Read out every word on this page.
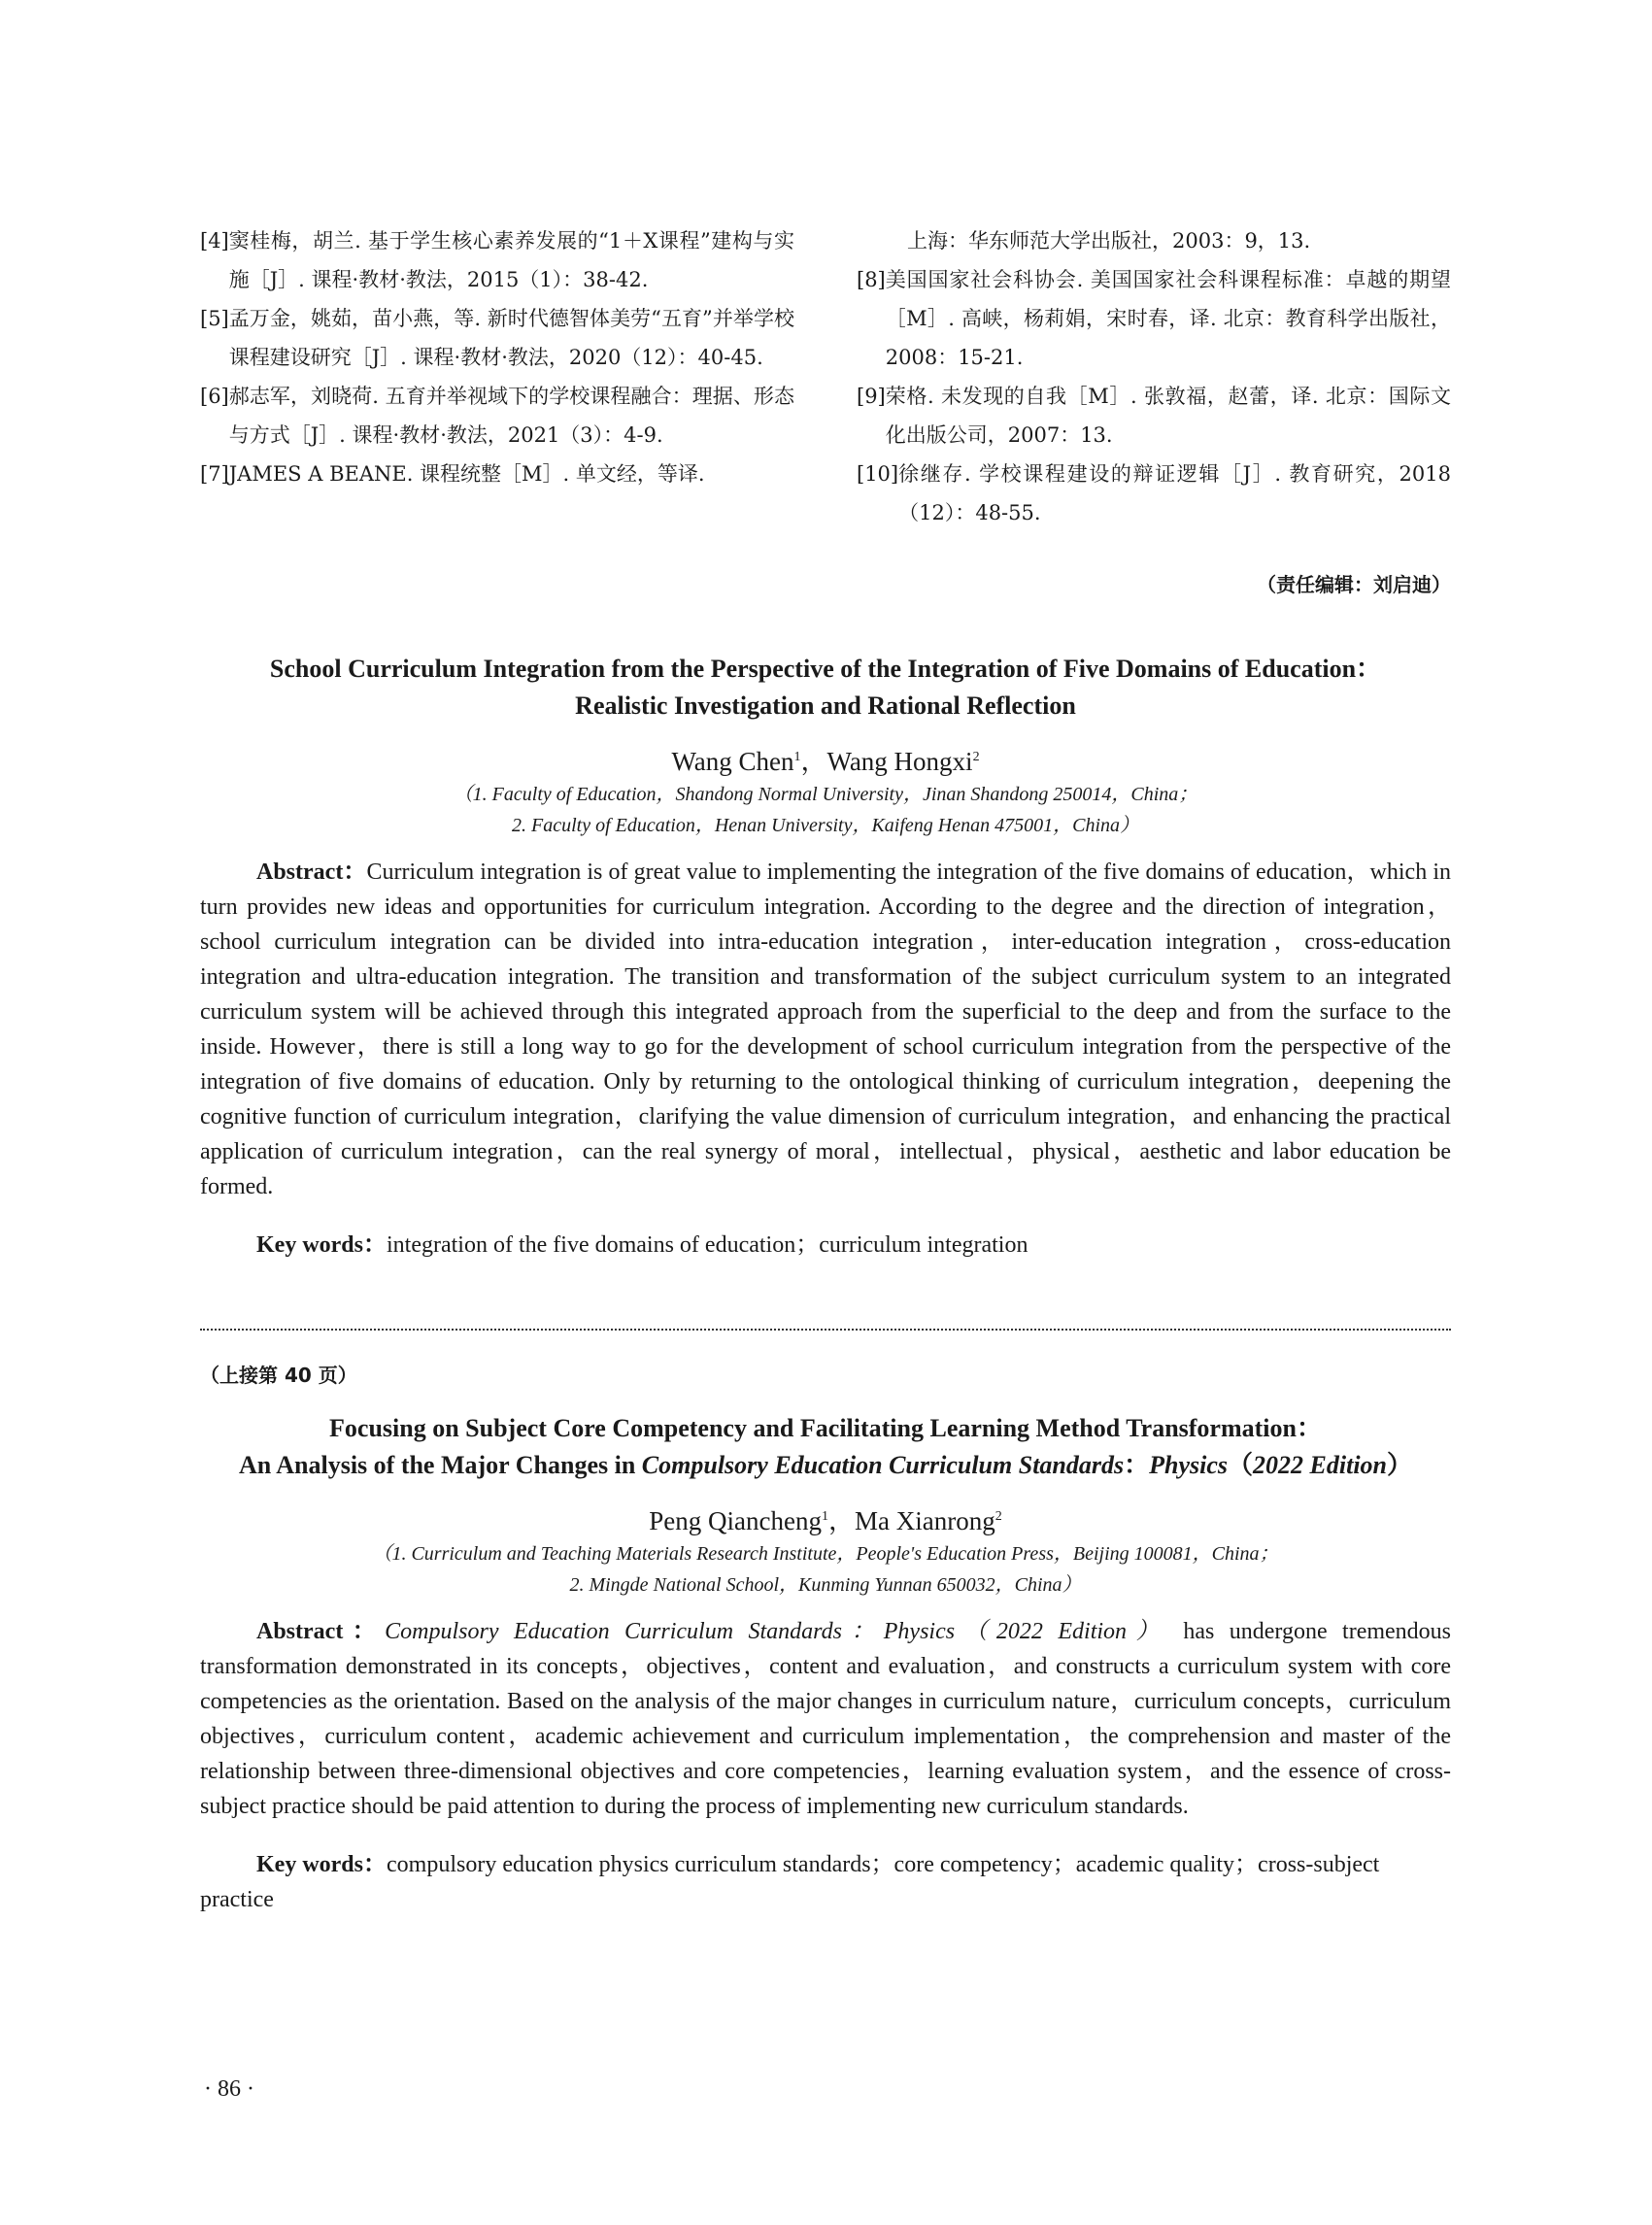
[4] 窦桂梅，胡兰. 基于学生核心素养发展的“1＋X课程”建构与实施［J］. 课程·教材·教法，2015（1）：38-42.
[5] 孟万金，姚茹，苗小燕，等. 新时代德智体美劳“五育”并举学校课程建设研究［J］. 课程·教材·教法，2020（12）：40-45.
[6] 郝志军，刘晓荷. 五育并举视域下的学校课程融合：理据、形态与方式［J］. 课程·教材·教法，2021（3）：4-9.
[7] JAMES A BEANE. 课程统整［M］. 单文经，等译.
上海：华东师范大学出版社，2003：9，13.
[8] 美国国家社会科协会. 美国国家社会科课程标准：卓越的期望［M］. 高峡，杨莉娟，宋时春，译. 北京：教育科学出版社，2008：15-21.
[9] 荣格. 未发现的自我［M］. 张敦福，赵蕾，译. 北京：国际文化出版公司，2007：13.
[10] 徐继存. 学校课程建设的辩证逻辑［J］. 教育研究，2018（12）：48-55.
（责任编辑：刘启迪）
School Curriculum Integration from the Perspective of the Integration of Five Domains of Education：
Realistic Investigation and Rational Reflection
Wang Chen$^1$，Wang Hongxi$^2$
（1. Faculty of Education，Shandong Normal University，Jinan Shandong 250014，China；
2. Faculty of Education，Henan University，Kaifeng Henan 475001，China）

Abstract：Curriculum integration is of great value to implementing the integration of the five domains of education，which in turn provides new ideas and opportunities for curriculum integration. According to the degree and the direction of integration，school curriculum integration can be divided into intra-education integration，inter-education integration，cross-education integration and ultra-education integration. The transition and transformation of the subject curriculum system to an integrated curriculum system will be achieved through this integrated approach from the superficial to the deep and from the surface to the inside. However，there is still a long way to go for the development of school curriculum integration from the perspective of the integration of five domains of education. Only by returning to the ontological thinking of curriculum integration，deepening the cognitive function of curriculum integration，clarifying the value dimension of curriculum integration，and enhancing the practical application of curriculum integration，can the real synergy of moral，intellectual，physical，aesthetic and labor education be formed.

Key words：integration of the five domains of education；curriculum integration

（上接第 40 页）
Focusing on Subject Core Competency and Facilitating Learning Method Transformation：
An Analysis of the Major Changes in Compulsory Education Curriculum Standards：Physics（2022 Edition）
Peng Qiancheng$^1$，Ma Xianrong$^2$
（1. Curriculum and Teaching Materials Research Institute，People's Education Press，Beijing 100081，China；
2. Mingde National School，Kunming Yunnan 650032，China）

Abstract：Compulsory Education Curriculum Standards：Physics（2022 Edition） has undergone tremendous transformation demonstrated in its concepts，objectives，content and evaluation，and constructs a curriculum system with core competencies as the orientation. Based on the analysis of the major changes in curriculum nature，curriculum concepts，curriculum objectives，curriculum content，academic achievement and curriculum implementation，the comprehension and master of the relationship between three-dimensional objectives and core competencies，learning evaluation system，and the essence of cross-subject practice should be paid attention to during the process of implementing new curriculum standards.

Key words：compulsory education physics curriculum standards；core competency；academic quality；cross-subject practice

· 86 ·
